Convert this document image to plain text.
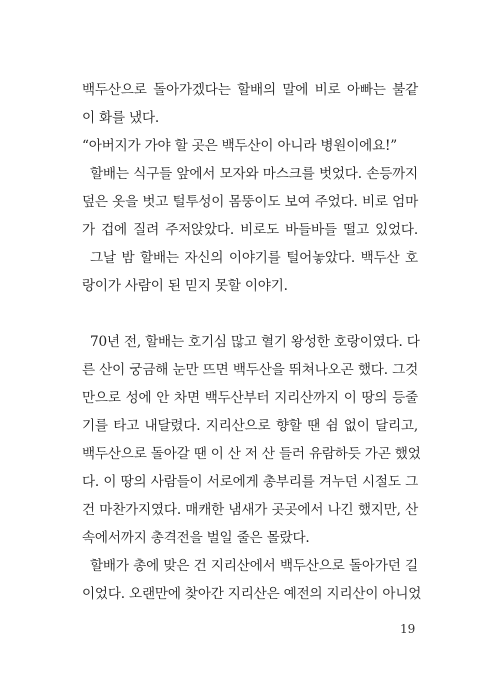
백두산으로 돌아가겠다는 할배의 말에 비로 아빠는 불같
이 화를 냈다.
“아버지가 가야 할 곳은 백두산이 아니라 병원이에요!”
할배는 식구들 앞에서 모자와 마스크를 벗었다. 손등까지
덮은 옷을 벗고 털투성이 몸뚱이도 보여 주었다. 비로 엄마
가 겁에 질려 주저앉았다. 비로도 바들바들 떨고 있었다.
그날 밤 할배는 자신의 이야기를 털어놓았다. 백두산 호
랑이가 사람이 된 믿지 못할 이야기.
70년 전, 할배는 호기심 많고 혈기 왕성한 호랑이였다. 다
른 산이 궁금해 눈만 뜨면 백두산을 뛰쳐나오곤 했다. 그것
만으로 성에 안 차면 백두산부터 지리산까지 이 땅의 등줄
기를 타고 내달렸다. 지리산으로 향할 땐 쉼 없이 달리고,
백두산으로 돌아갈 땐 이 산 저 산 들러 유람하듯 가곤 했었
다. 이 땅의 사람들이 서로에게 총부리를 겨누던 시절도 그
건 마찬가지였다. 매캐한 냄새가 곳곳에서 나긴 했지만, 산
속에서까지 총격전을 벌일 줄은 몰랐다.
할배가 총에 맞은 건 지리산에서 백두산으로 돌아가던 길
이었다. 오랜만에 찾아간 지리산은 예전의 지리산이 아니었
19
